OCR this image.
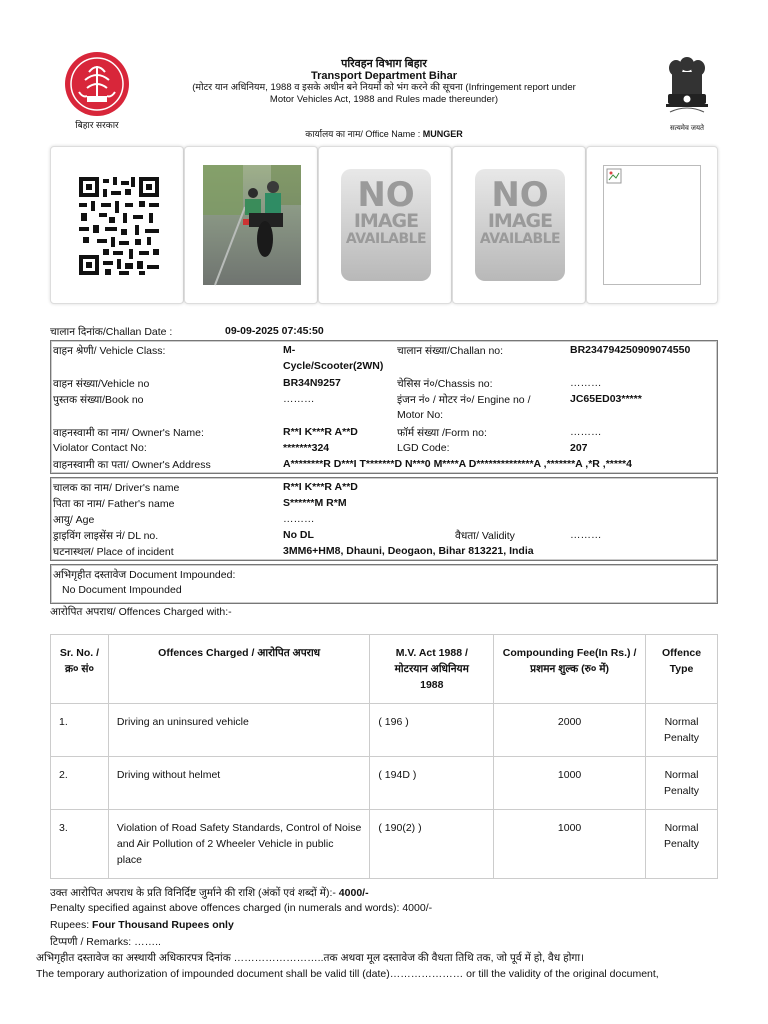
बिहार सरकार	सत्यमेव जयते
परिवहन विभाग बिहार
Transport Department Bihar
(मोटर यान अधिनियम, 1988 व इसके अधीन बने नियमों को भंग करने की सूचना (Infringement report under
Motor Vehicles Act, 1988 and Rules made thereunder)
कार्यालय का नाम/ Office Name : MUNGER
NO
IMAGE
AVAILABLE
NO
IMAGE
AVAILABLE
चालान दिनांक/Challan Date :	09-09-2025 07:45:50
वाहन श्रेणी/ Vehicle Class:	M-
Cycle/Scooter(2WN)
चालान संख्या/Challan no:	BR234794250909074550
वाहन संख्या/Vehicle no	BR34N9257	चेसिस नं०/Chassis no:	………
पुस्तक संख्या/Book no	………	इंजन नं० / मोटर नं०/ Engine no /	JC65ED03*****
Motor No:
वाहनस्वामी का नाम/ Owner's Name:	R**I K***R A**D	फॉर्म संख्या /Form no:	………
Violator Contact No:	*******324	LGD Code:	207
वाहनस्वामी का पता/ Owner's Address	A********R D***I T*******D N***0 M****A D**************A ,*******A ,*R ,*****4
चालक का नाम/ Driver's name	R**I K***R A**D
पिता का नाम/ Father's name	S******M R*M
आयु/ Age	………
ड्राइविंग लाइसेंस नं/ DL no.	No DL	वैधता/ Validity	………
घटनास्थल/ Place of incident	3MM6+HM8, Dhauni, Deogaon, Bihar 813221, India
अभिगृहीत दस्तावेज Document Impounded:
No Document Impounded
आरोपित अपराध/ Offences Charged with:-
Sr. No. /
क्र० सं०	Offences Charged / आरोपित अपराध	M.V. Act 1988 /
मोटरयान अधिनियम
1988	Compounding Fee(In Rs.) /
प्रशमन शुल्क (रु० में)	Offence
Type
1.	Driving an uninsured vehicle	( 196 )	2000	Normal
Penalty
2.	Driving without helmet	( 194D )	1000	Normal
Penalty
3.	Violation of Road Safety Standards, Control of Noise and Air Pollution of 2 Wheeler Vehicle in public place	( 190(2) )	1000	Normal
Penalty
उक्त आरोपित अपराध के प्रति विनिर्दिष्ट जुर्माने की राशि (अंकों एवं शब्दों में):- 4000/-
Penalty specified against above offences charged (in numerals and words): 4000/-
Rupees: Four Thousand Rupees only
टिप्पणी / Remarks: ……..
अभिगृहीत दस्तावेज का अस्थायी अधिकारपत्र दिनांक ……………………..तक अथवा मूल दस्तावेज की वैधता तिथि तक, जो पूर्व में हो, वैध होगा।
The temporary authorization of impounded document shall be valid till (date)………………… or till the validity of the original document,
